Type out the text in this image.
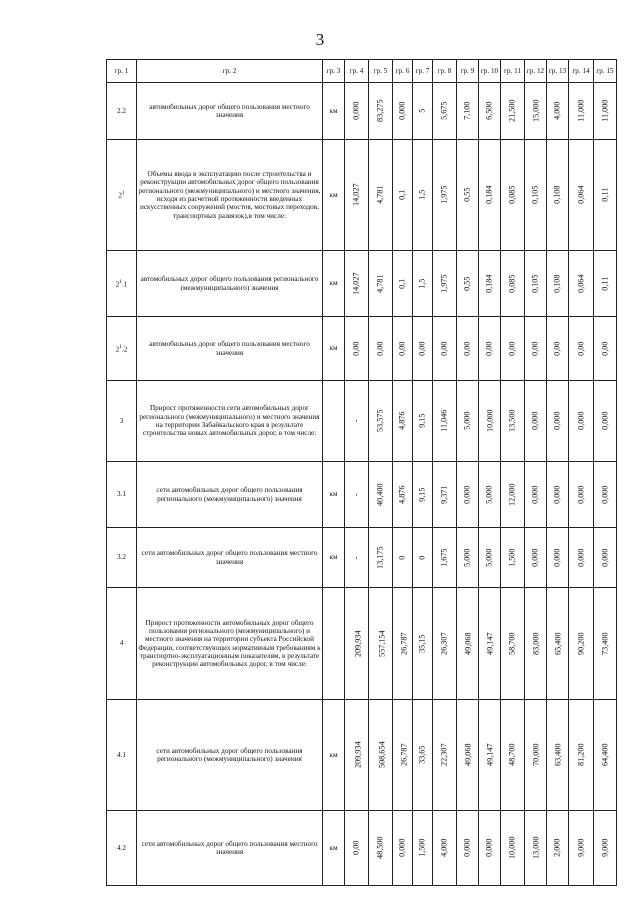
3
гр. 1	гр. 2	гр. 3	гр. 4	гр. 5	гр. 6	гр. 7	гр. 8	гр. 9	гр. 10	гр. 11	гр. 12	гр. 13	гр. 14	гр. 15
2.2	автомобильных дорог общего пользования местного значения	км	0,000	83,275	0,000	5	5,675	7,100	6,500	21,500	15,000	4,000	11,000	11,000
$2^1$	Объемы ввода в эксплуатацию после строительства и реконструкции автомобильных дорог общего пользования регионального (межмуниципального) и местного значения, исходя из расчетной протяженности введенных искусственных сооружений (мостов, мостовых переходов, транспортных развязок),в том числе:	км	14,027	4,781	0,1	1,5	1,975	0,55	0,184	0,085	0,105	0,108	0,064	0,11
$2^1.1$	автомобильных дорог общего пользования регионального (межмуниципального) значения	км	14,027	4,781	0,1	1,5	1,975	0,55	0,184	0,085	0,105	0,108	0,064	0,11
$2^1.2$	автомобильных дорог общего пользования местного значения	км	0,00	0,00	0,00	0,00	0,00	0,00	0,00	0,00	0,00	0,00	0,00	0,00
3	Прирост протяженности сети автомобильных дорог регионального (межмуниципального) и местного значения на территории Забайкальского края в результате строительства новых автомобильных дорог, в том числе:		-	53,575	4,876	9,15	11,046	5,000	10,000	13,500	0,000	0,000	0,000	0,000
3.1	сети автомобильных дорог общего пользования регионального (межмуниципального) значения	км	-	40,400	4,876	9,15	9,371	0,000	5,000	12,000	0,000	0,000	0,000	0,000
3.2	сети автомобильных дорог общего пользования местного значения	км	-	13,175	0	0	1,675	5,000	5,000	1,500	0,000	0,000	0,000	0,000
4	Прирост протяженности автомобильных дорог общего пользования регионального (межмуниципального) и местного значения на территории субъекта Российской Федерации, соответствующих нормативным требованиям к транспортно-эксплуатационным показателям, в результате реконструкции автомобильных дорог, в том числе:		209,934	557,154	26,787	35,15	26,307	49,068	49,147	58,700	83,000	65,400	90,200	73,400
4.1	сети автомобильных дорог общего пользования регионального (межмуниципального) значения	км	209,934	508,654	26,787	33,65	22,307	49,068	49,147	48,700	70,000	63,400	81,200	64,400
4.2	сети автомобильных дорог общего пользования местного значения	км	0,00	48,500	0,000	1,500	4,000	0,000	0,000	10,000	13,000	2,000	9,000	9,000
